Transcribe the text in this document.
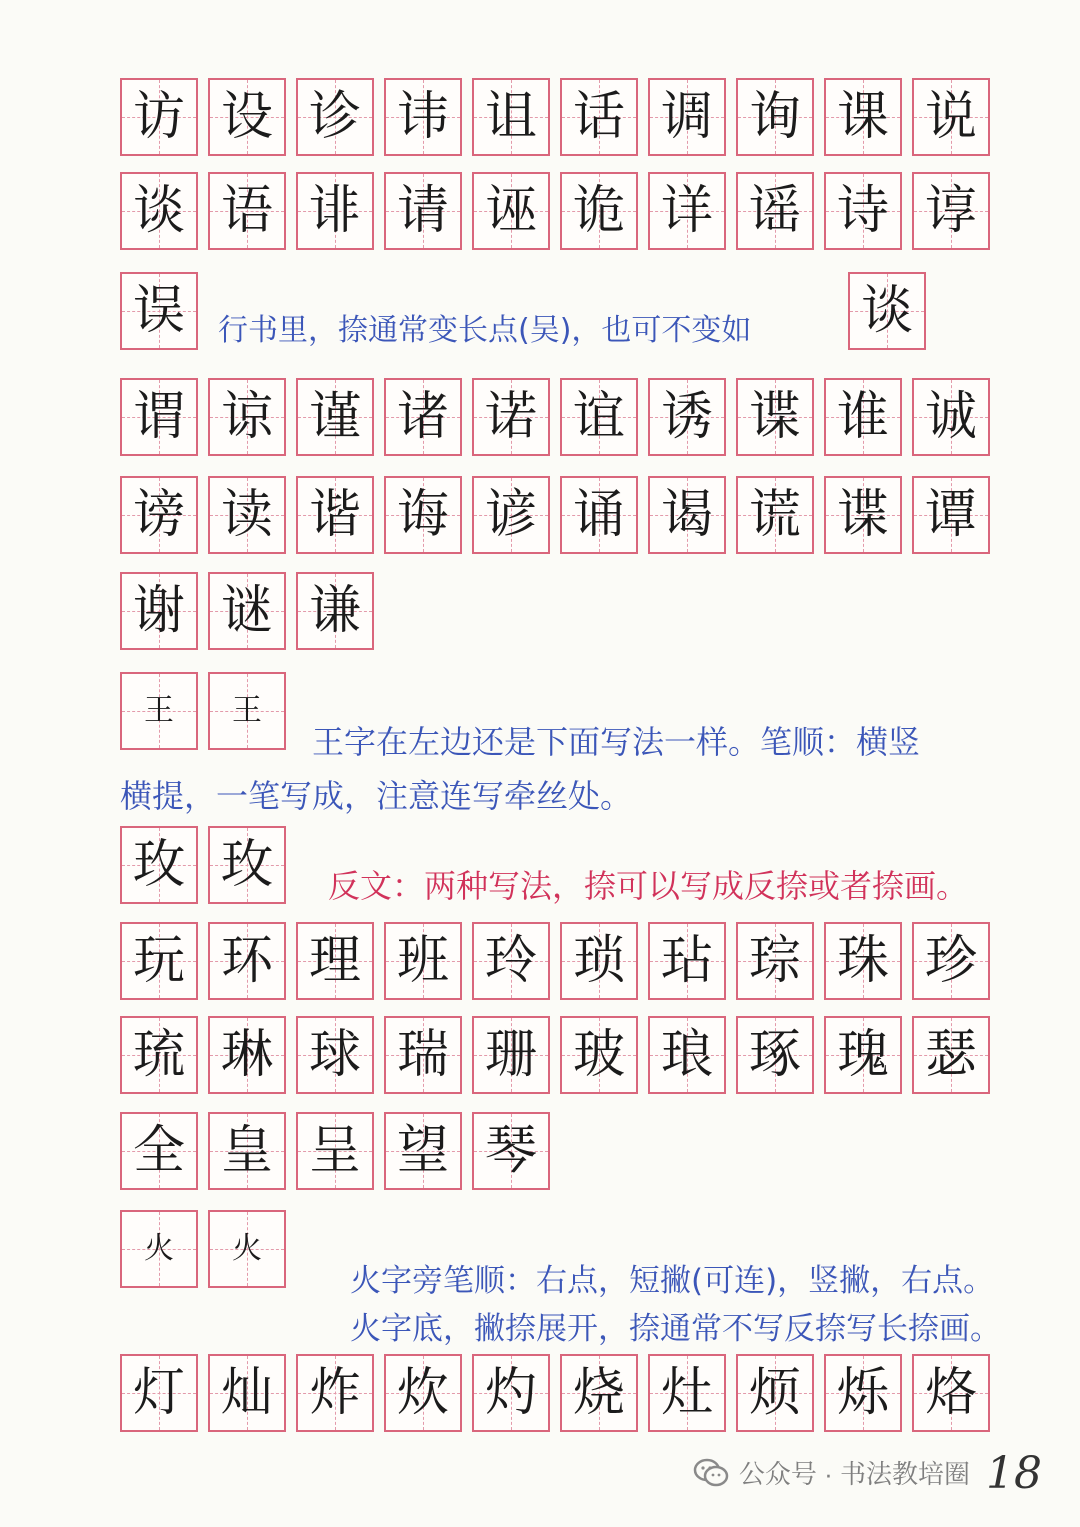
访 设 诊 讳 诅 话 调 询 课 说
谈 语 诽 请 诬 诡 详 谣 诗 谆
误 行书里，捺通常变长点(吴)，也可不变如 谈
谓 谅 谨 诸 诺 谊 诱 谍 谁 诚
谤 读 谐 诲 谚 诵 谒 谎 谍 谭
谢 谜 谦
王 王
王字在左边还是下面写法一样。笔顺：横竖
横提，一笔写成，注意连写牵丝处。
玫 玫 反文：两种写法，捺可以写成反捺或者捺画。
玩 环 理 班 玲 琐 玷 琮 珠 珍
琉 琳 球 瑞 珊 玻 琅 琢 瑰 瑟
全 皇 呈 望 琴
火 火
火字旁笔顺：右点，短撇(可连)，竖撇，右点。
火字底，撇捺展开，捺通常不写反捺写长捺画。
灯 灿 炸 炊 灼 烧 灶 烦 烁 烙
公众号 · 书法教培圈 18
